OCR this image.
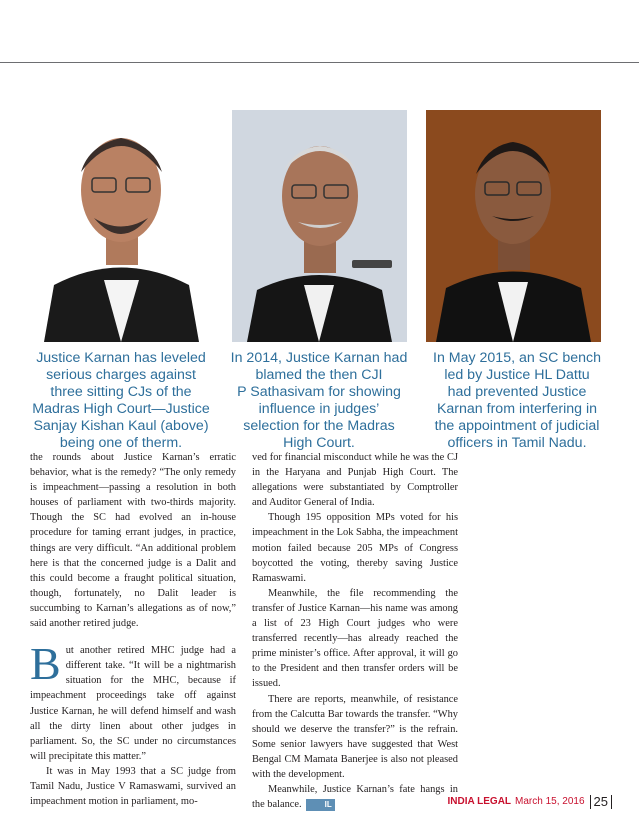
Justice Karnan has leveled
serious charges against
three sitting CJs of the
Madras High Court—Justice
Sanjay Kishan Kaul (above)
being one of therm.
In 2014, Justice Karnan had
blamed the then CJI
P Sathasivam for showing
influence in judges’
selection for the Madras
High Court.
In May 2015, an SC bench
led by Justice HL Dattu
had prevented Justice
Karnan from interfering in
the appointment of judicial
officers in Tamil Nadu.

the rounds about Justice Karnan’s erratic behavior, what is the remedy? “The only remedy is impeachment—passing a resolution in both houses of parliament with two-thirds majority. Though the SC had evolved an in-house procedure for taming errant judges, in practice, things are very difficult. “An additional problem here is that the concerned judge is a Dalit and this could become a fraught political situation, though, fortunately, no Dalit leader is succumbing to Karnan’s allegations as of now,” said another retired judge.

But another retired MHC judge had a different take. “It will be a nightmarish situation for the MHC, because if impeachment proceedings take off against Justice Karnan, he will defend himself and wash all the dirty linen about other judges in parliament. So, the SC under no circumstances will precipitate this matter.”

It was in May 1993 that a SC judge from Tamil Nadu, Justice V Ramaswami, survived an impeachment motion in parliament, mo-

ved for financial misconduct while he was the CJ in the Haryana and Punjab High Court. The allegations were substantiated by Comptroller and Auditor General of India.

Though 195 opposition MPs voted for his impeachment in the Lok Sabha, the impeachment motion failed because 205 MPs of Congress boycotted the voting, thereby saving Justice Ramaswami.

Meanwhile, the file recommending the transfer of Justice Karnan—his name was among a list of 23 High Court judges who were transferred recently—has already reached the prime minister’s office. After approval, it will go to the President and then transfer orders will be issued.

There are reports, meanwhile, of resistance from the Calcutta Bar towards the transfer. “Why should we deserve the transfer?” is the refrain. Some senior lawyers have suggested that West Bengal CM Mamata Banerjee is also not pleased with the development.

Meanwhile, Justice Karnan’s fate hangs in the balance.	IL	INDIA LEGAL March 15, 2016 25
